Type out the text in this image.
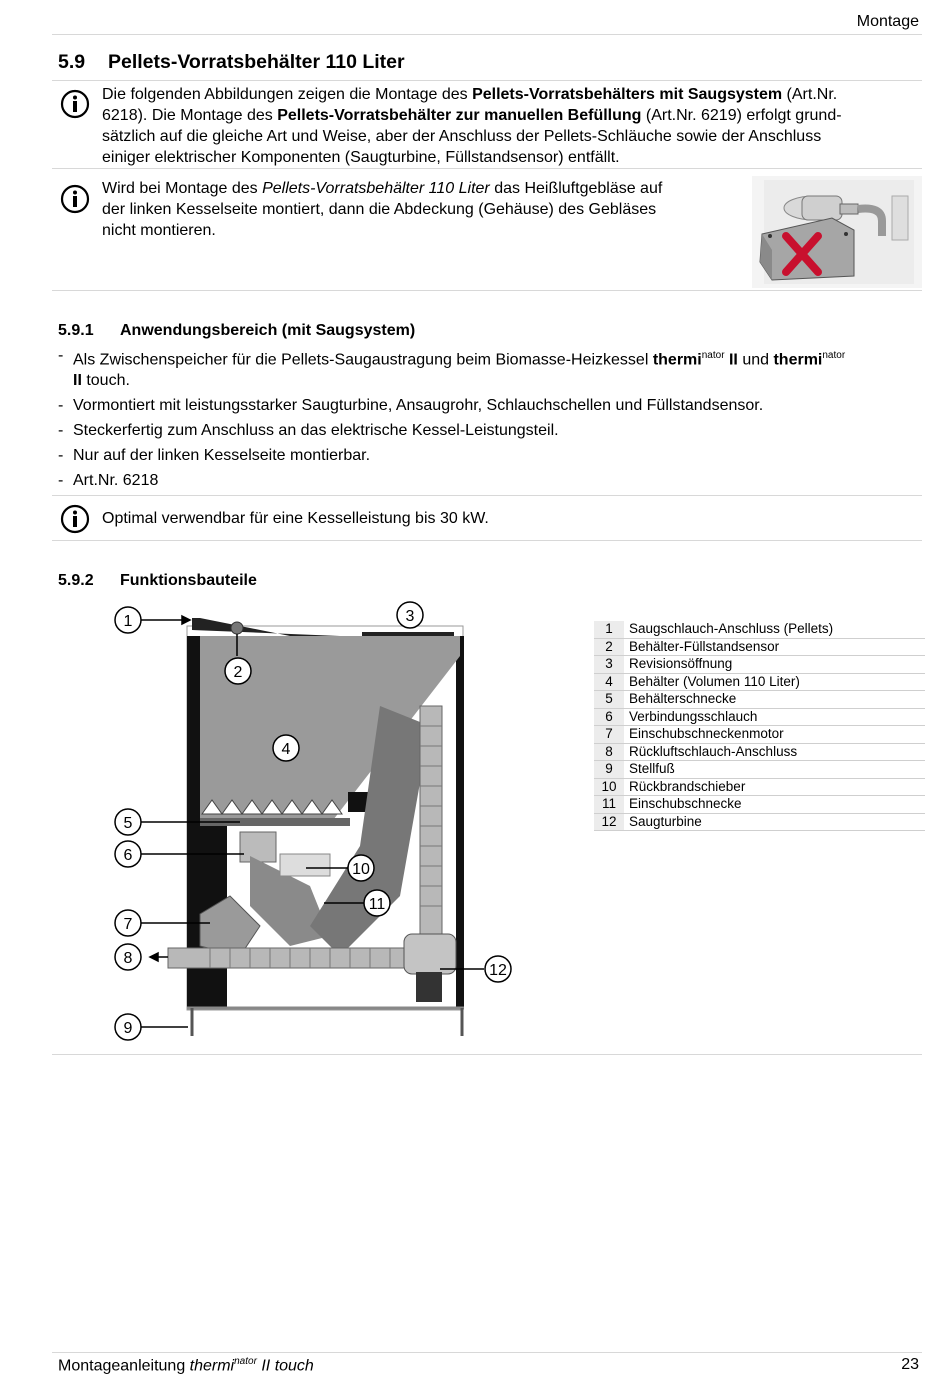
Montage
5.9 Pellets-Vorratsbehälter 110 Liter
Die folgenden Abbildungen zeigen die Montage des Pellets-Vorratsbehälters mit Saugsystem (Art.Nr.
6218). Die Montage des Pellets-Vorratsbehälter zur manuellen Befüllung (Art.Nr. 6219) erfolgt grund-
sätzlich auf die gleiche Art und Weise, aber der Anschluss der Pellets-Schläuche sowie der Anschluss
einiger elektrischer Komponenten (Saugturbine, Füllstandsensor) entfällt.
Wird bei Montage des Pellets-Vorratsbehälter 110 Liter das Heißluftgebläse auf
der linken Kesselseite montiert, dann die Abdeckung (Gehäuse) des Gebläses
nicht montieren.
5.9.1 Anwendungsbereich (mit Saugsystem)
- Als Zwischenspeicher für die Pellets-Saugaustragung beim Biomasse-Heizkessel thermi$^{nator}$ II und thermi$^{nator}$
II touch.
- Vormontiert mit leistungsstarker Saugturbine, Ansaugrohr, Schlauchschellen und Füllstandsensor.
- Steckerfertig zum Anschluss an das elektrische Kessel-Leistungsteil.
- Nur auf der linken Kesselseite montierbar.
- Art.Nr. 6218
Optimal verwendbar für eine Kesselleistung bis 30 kW.
5.9.2 Funktionsbauteile
1
2
3
4
5
6
7
8
9
10
11
12
1	Saugschlauch-Anschluss (Pellets)
2	Behälter-Füllstandsensor
3	Revisionsöffnung
4	Behälter (Volumen 110 Liter)
5	Behälterschnecke
6	Verbindungsschlauch
7	Einschubschneckenmotor
8	Rückluftschlauch-Anschluss
9	Stellfuß
10	Rückbrandschieber
11	Einschubschnecke
12	Saugturbine
Montageanleitung thermi$^{nator}$ II touch	23
